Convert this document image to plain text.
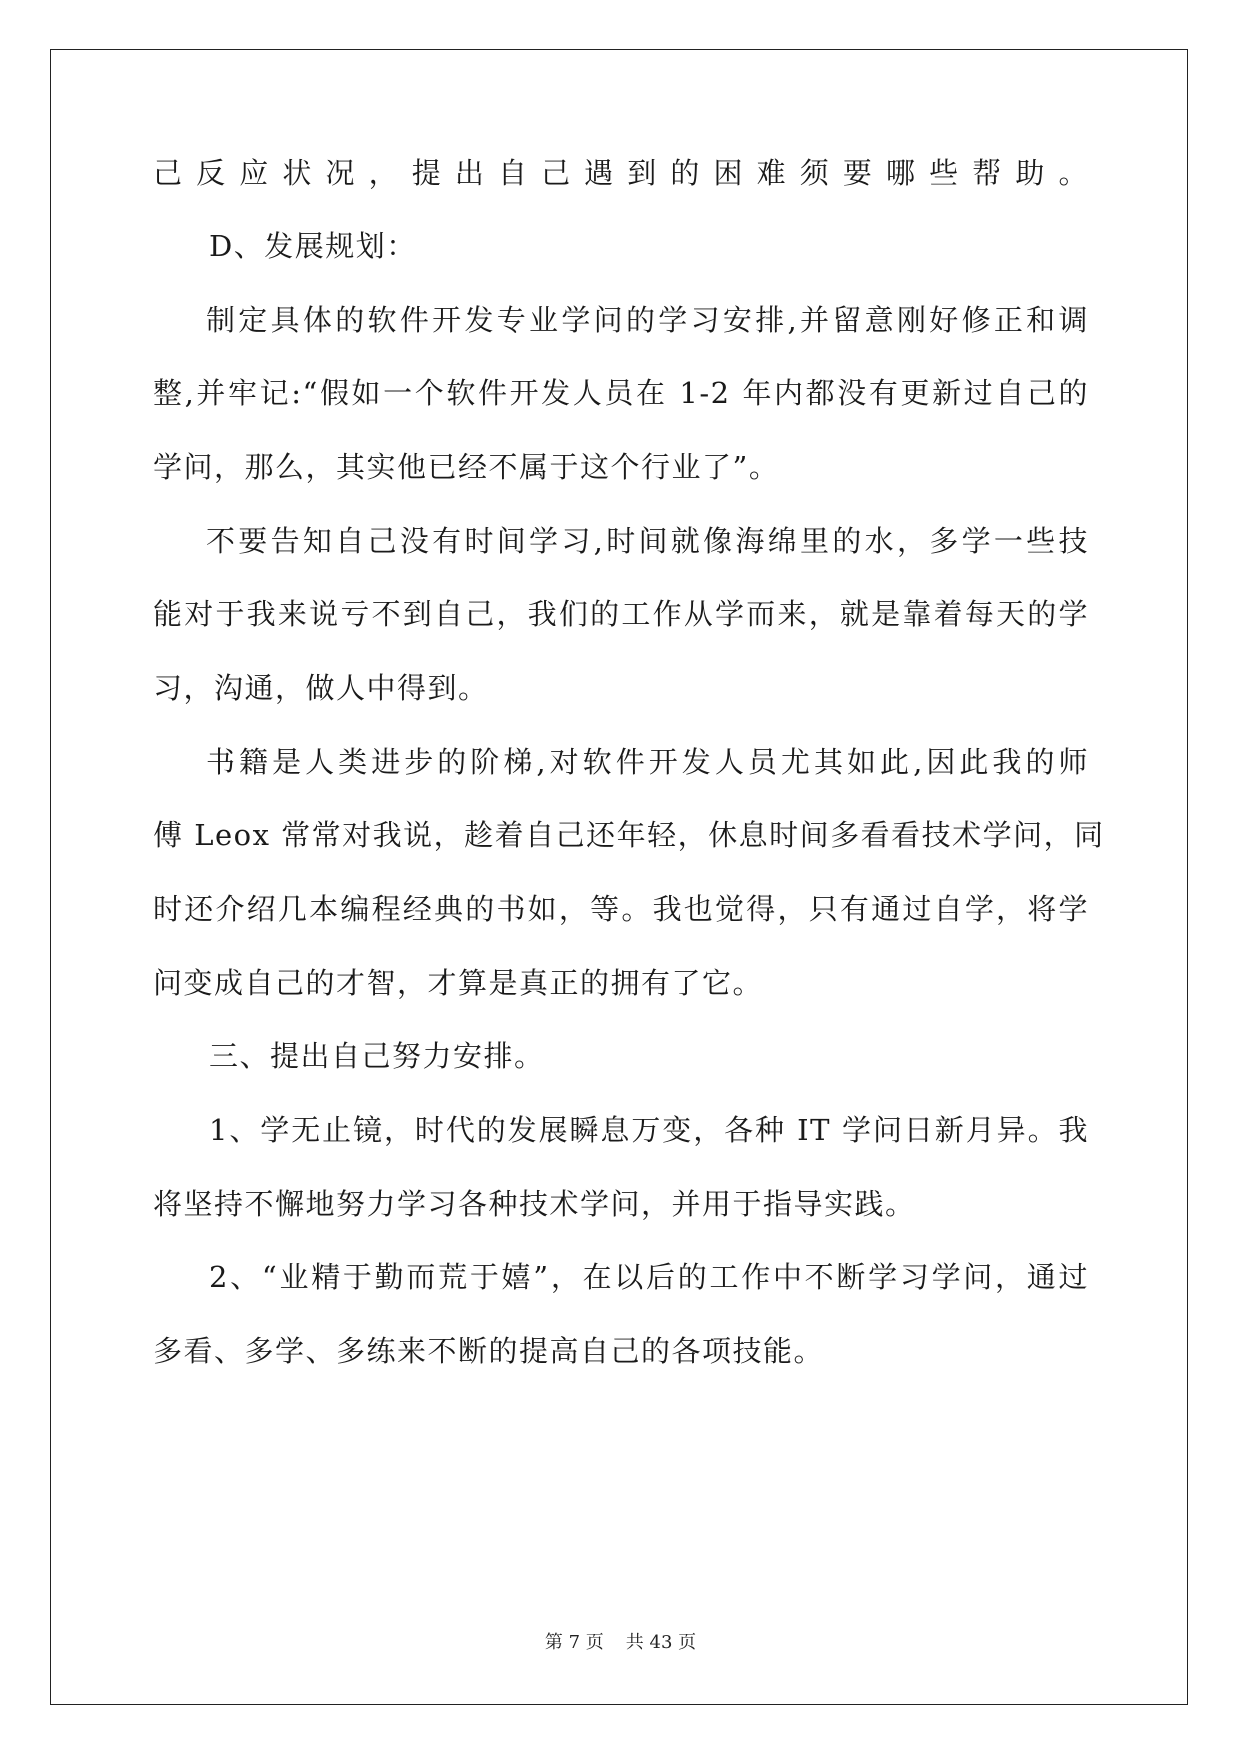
己反应状况，提出自己遇到的困难须要哪些帮助。
D、发展规划：
制定具体的软件开发专业学问的学习安排,并留意刚好修正和调
整,并牢记:“假如一个软件开发人员在 1-2 年内都没有更新过自己的
学问，那么，其实他已经不属于这个行业了”。
不要告知自己没有时间学习,时间就像海绵里的水，多学一些技
能对于我来说亏不到自己，我们的工作从学而来，就是靠着每天的学
习，沟通，做人中得到。
书籍是人类进步的阶梯,对软件开发人员尤其如此,因此我的师
傅 Leox 常常对我说，趁着自己还年轻，休息时间多看看技术学问，同
时还介绍几本编程经典的书如，等。我也觉得，只有通过自学，将学
问变成自己的才智，才算是真正的拥有了它。
三、提出自己努力安排。
1、学无止镜，时代的发展瞬息万变，各种 IT 学问日新月异。我
将坚持不懈地努力学习各种技术学问，并用于指导实践。
2、“业精于勤而荒于嬉”，在以后的工作中不断学习学问，通过
多看、多学、多练来不断的提高自己的各项技能。
第 7 页 共 43 页
